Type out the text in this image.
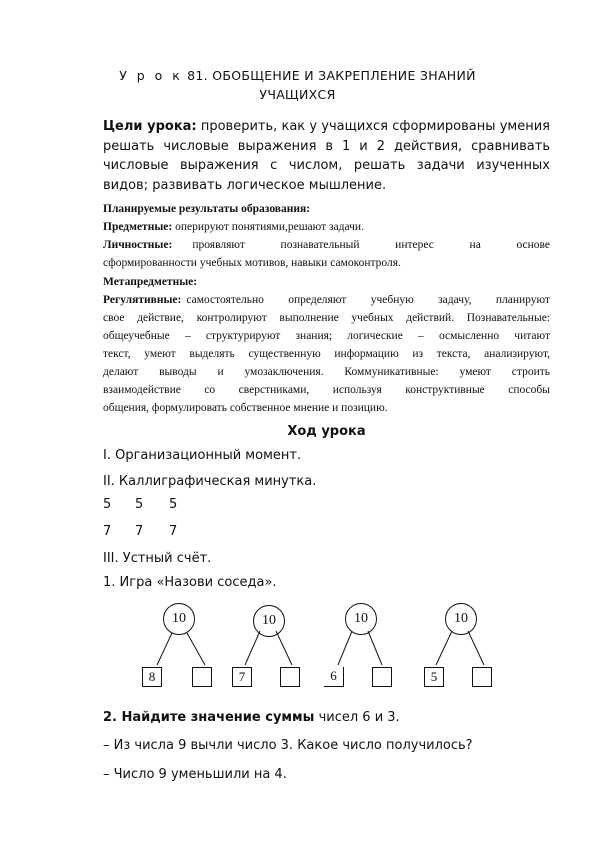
У р о к 81. ОБОБЩЕНИЕ И ЗАКРЕПЛЕНИЕ ЗНАНИЙ
УЧАЩИХСЯ
Цели урока: проверить, как у учащихся сформированы умения решать числовые выражения в 1 и 2 действия, сравнивать числовые выражения с числом, решать задачи изученных видов; развивать логическое мышление.
Планируемые результаты образования:
Предметные: оперируют понятиями,решают задачи.
Личностные: проявляют познавательный интерес на основе
сформированности учебных мотивов, навыки самоконтроля.
Метапредметные:
Регулятивные: самостоятельно определяют учебную задачу, планируют
свое действие, контролируют выполнение учебных действий. Познавательные:
общеучебные – структурируют знания; логические – осмысленно читают
текст, умеют выделять существенную информацию из текста, анализируют,
делают выводы и умозаключения. Коммуникативные: умеют строить
взаимодействие со сверстниками, используя конструктивные способы
общения, формулировать собственное мнение и позицию.
Ход урока
I. Организационный момент.
II. Каллиграфическая минутка.
5 5 5
7 7 7
III. Устный счёт.
1. Игра «Назови соседа».
10
8
10
7
10
6
10
5
2. Найдите значение суммы чисел 6 и 3.
– Из числа 9 вычли число 3. Какое число получилось?
– Число 9 уменьшили на 4.
